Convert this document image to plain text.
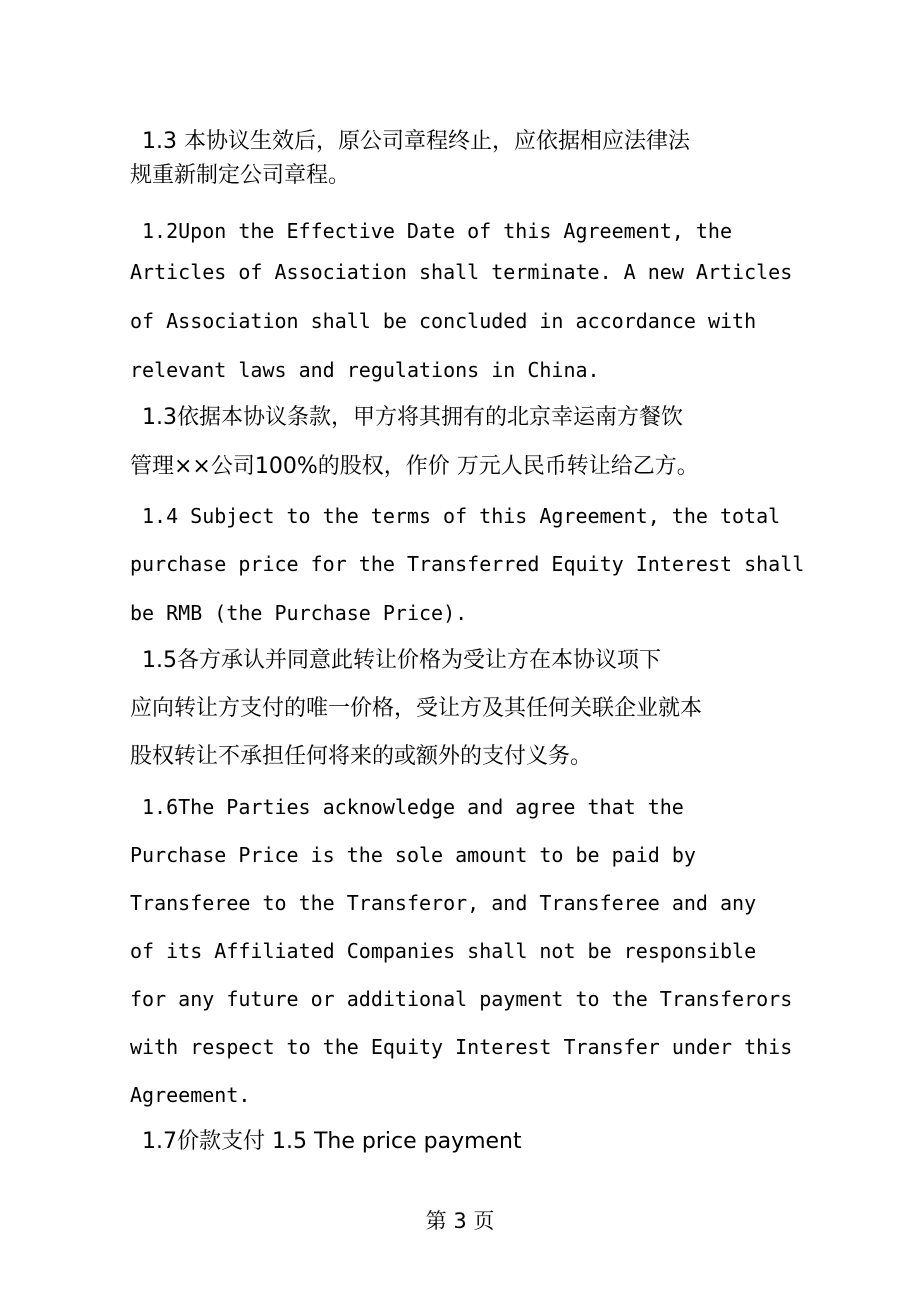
1.3 本协议生效后，原公司章程终止，应依据相应法律法
规重新制定公司章程。
1.2Upon the Effective Date of this Agreement, the
Articles of Association shall terminate. A new Articles
of Association shall be concluded in accordance with
relevant laws and regulations in China.
1.3依据本协议条款，甲方将其拥有的北京幸运南方餐饮
管理××公司100%的股权，作价 万元人民币转让给乙方。
1.4 Subject to the terms of this Agreement, the total
purchase price for the Transferred Equity Interest shall
be RMB (the Purchase Price).
1.5各方承认并同意此转让价格为受让方在本协议项下
应向转让方支付的唯一价格，受让方及其任何关联企业就本
股权转让不承担任何将来的或额外的支付义务。
1.6The Parties acknowledge and agree that the
Purchase Price is the sole amount to be paid by
Transferee to the Transferor, and Transferee and any
of its Affiliated Companies shall not be responsible
for any future or additional payment to the Transferors
with respect to the Equity Interest Transfer under this
Agreement.
1.7价款支付 1.5 The price payment
第 3 页
